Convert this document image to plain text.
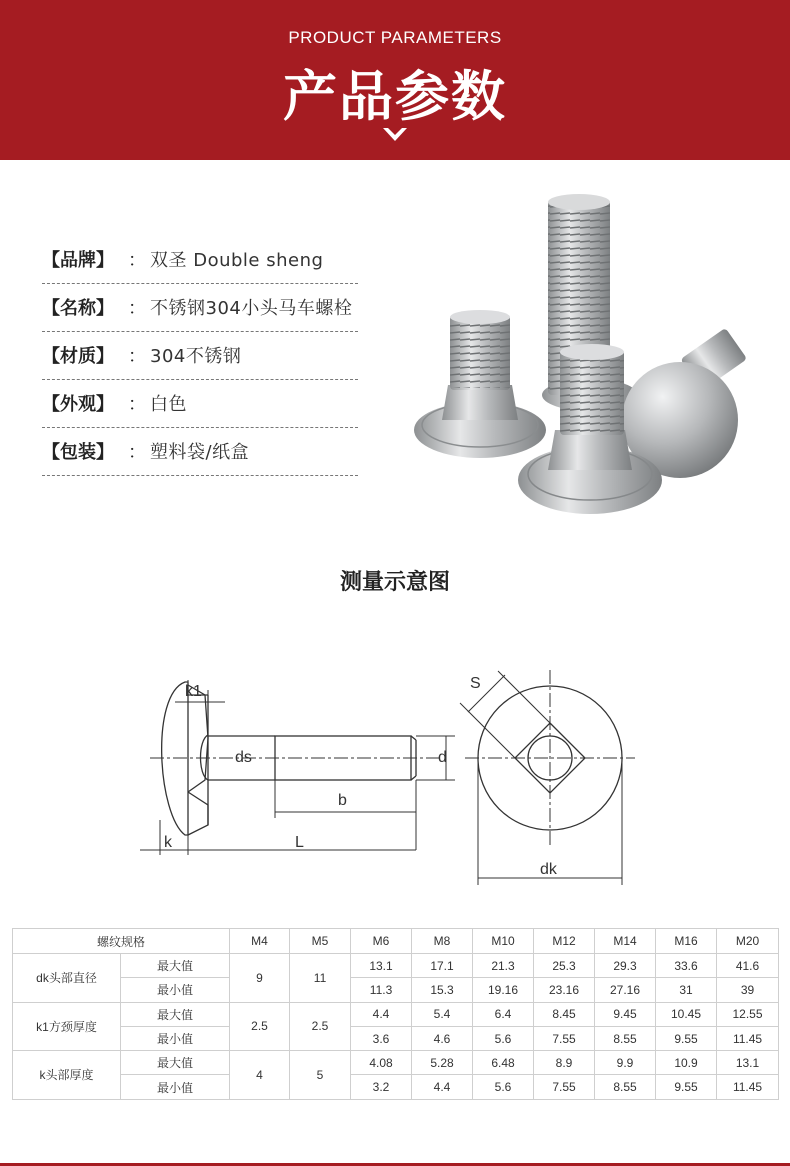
PRODUCT PARAMETERS
产品参数
【品牌】 ： 双圣 Double sheng
【名称】 ： 不锈钢304小头马车螺栓
【材质】 ： 304不锈钢
【外观】 ： 白色
【包装】 ： 塑料袋/纸盒
测量示意图
k1
ds	d
b
k	L
S
dk
螺纹规格		M4	M5	M6	M8	M10	M12	M14	M16	M20
dk头部直径	最大值	9	11	13.1	17.1	21.3	25.3	29.3	33.6	41.6
	最小值			11.3	15.3	19.16	23.16	27.16	31	39
k1方颈厚度	最大值	2.5	2.5	4.4	5.4	6.4	8.45	9.45	10.45	12.55
	最小值			3.6	4.6	5.6	7.55	8.55	9.55	11.45
k头部厚度	最大值	4	5	4.08	5.28	6.48	8.9	9.9	10.9	13.1
	最小值			3.2	4.4	5.6	7.55	8.55	9.55	11.45
